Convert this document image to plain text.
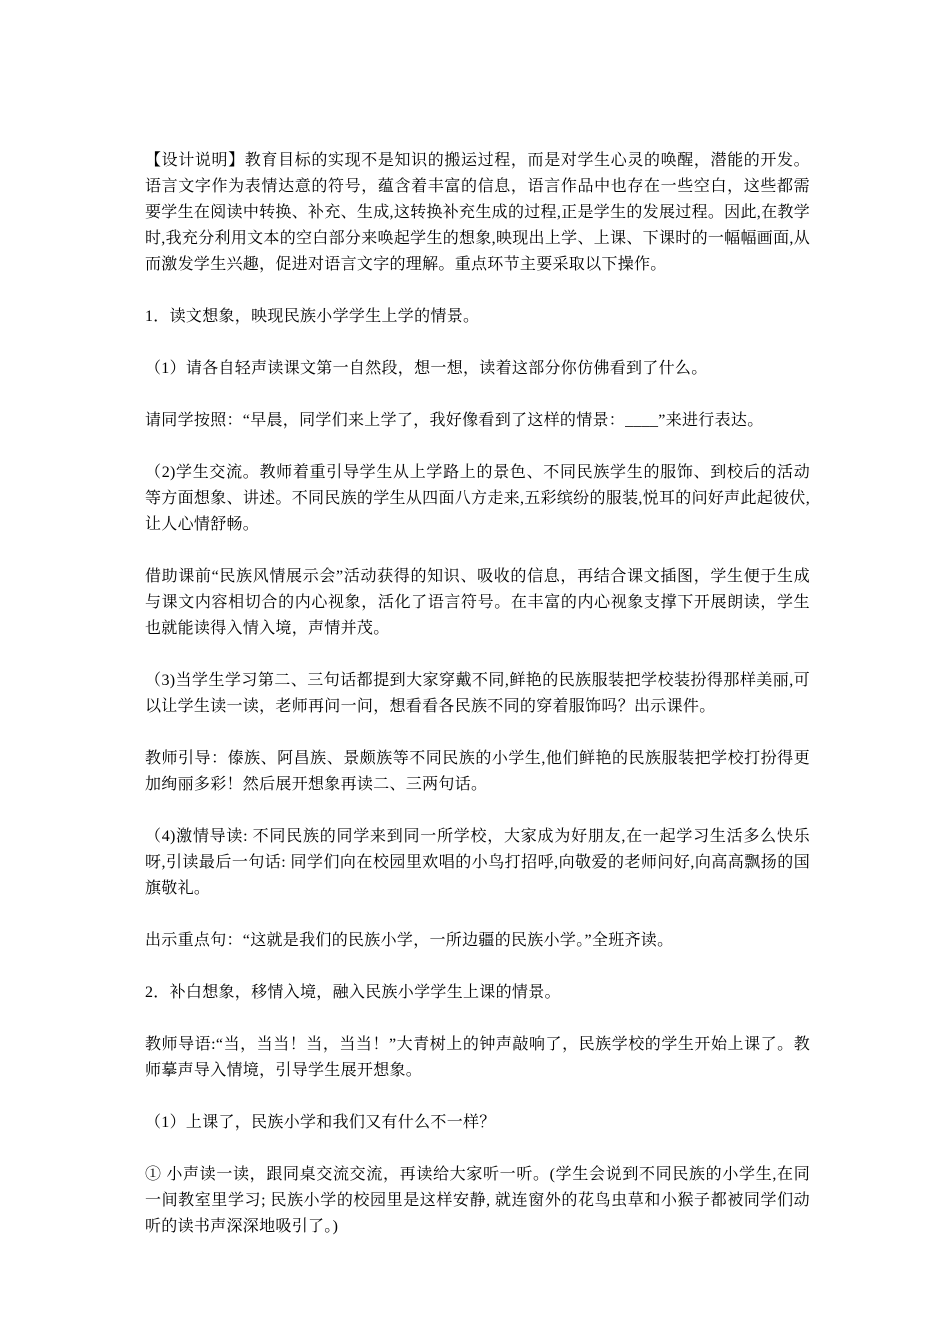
【设计说明】教育目标的实现不是知识的搬运过程，而是对学生心灵的唤醒，潜能的开发。语言文字作为表情达意的符号，蕴含着丰富的信息，语言作品中也存在一些空白，这些都需要学生在阅读中转换、补充、生成,这转换补充生成的过程,正是学生的发展过程。因此,在教学时,我充分利用文本的空白部分来唤起学生的想象,映现出上学、上课、下课时的一幅幅画面,从而激发学生兴趣，促进对语言文字的理解。重点环节主要采取以下操作。

1．读文想象，映现民族小学学生上学的情景。

（1）请各自轻声读课文第一自然段，想一想，读着这部分你仿佛看到了什么。

请同学按照：“早晨，同学们来上学了，我好像看到了这样的情景：____”来进行表达。

（2)学生交流。教师着重引导学生从上学路上的景色、不同民族学生的服饰、到校后的活动等方面想象、讲述。不同民族的学生从四面八方走来,五彩缤纷的服装,悦耳的问好声此起彼伏,让人心情舒畅。

借助课前“民族风情展示会”活动获得的知识、吸收的信息，再结合课文插图，学生便于生成与课文内容相切合的内心视象，活化了语言符号。在丰富的内心视象支撑下开展朗读，学生也就能读得入情入境，声情并茂。

（3)当学生学习第二、三句话都提到大家穿戴不同,鲜艳的民族服装把学校装扮得那样美丽,可以让学生读一读，老师再问一问，想看看各民族不同的穿着服饰吗？出示课件。

教师引导：傣族、阿昌族、景颇族等不同民族的小学生,他们鲜艳的民族服装把学校打扮得更加绚丽多彩！然后展开想象再读二、三两句话。

（4)激情导读: 不同民族的同学来到同一所学校，大家成为好朋友,在一起学习生活多么快乐呀,引读最后一句话: 同学们向在校园里欢唱的小鸟打招呼,向敬爱的老师问好,向高高飘扬的国旗敬礼。

出示重点句：“这就是我们的民族小学，一所边疆的民族小学。”全班齐读。

2．补白想象，移情入境，融入民族小学学生上课的情景。

教师导语:“当，当当！当，当当！”大青树上的钟声敲响了，民族学校的学生开始上课了。教师摹声导入情境，引导学生展开想象。

（1）上课了，民族小学和我们又有什么不一样？

① 小声读一读，跟同桌交流交流，再读给大家听一听。(学生会说到不同民族的小学生,在同一间教室里学习; 民族小学的校园里是这样安静, 就连窗外的花鸟虫草和小猴子都被同学们动听的读书声深深地吸引了。)
